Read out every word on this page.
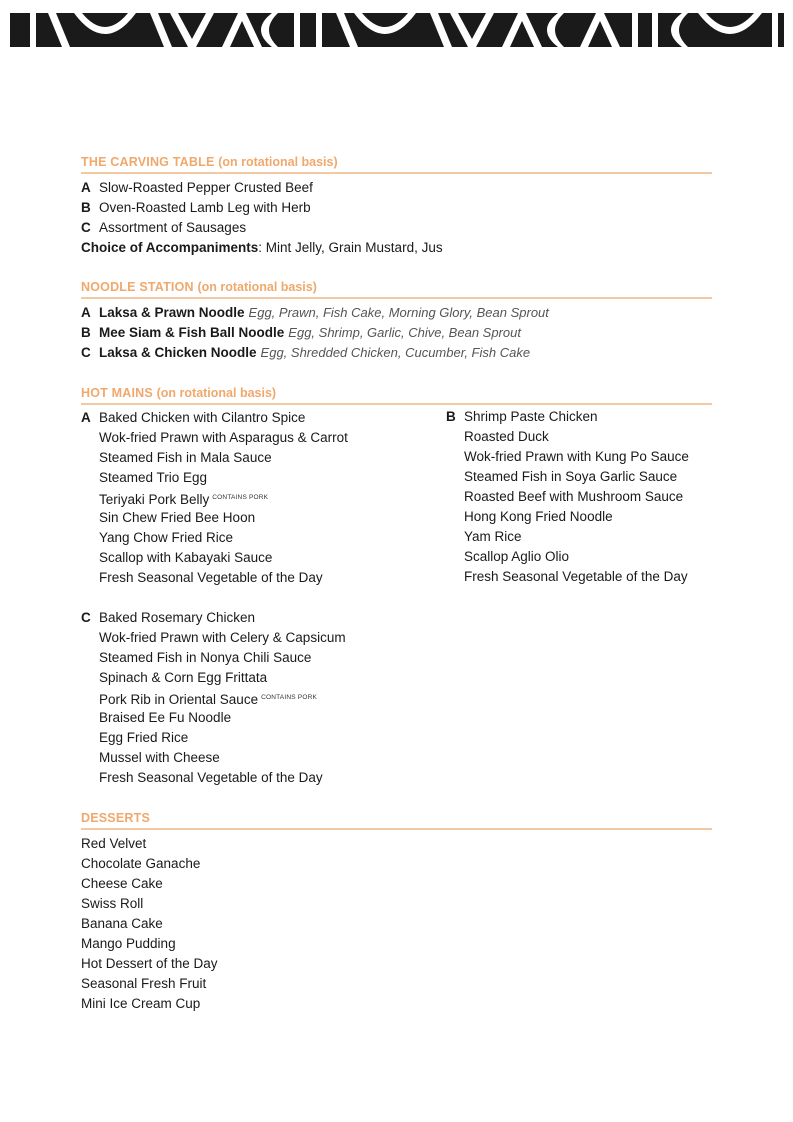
THE CARVING TABLE (on rotational basis)
A Slow-Roasted Pepper Crusted Beef
B Oven-Roasted Lamb Leg with Herb
C Assortment of Sausages
Choice of Accompaniments: Mint Jelly, Grain Mustard, Jus
NOODLE STATION (on rotational basis)
A Laksa & Prawn Noodle Egg, Prawn, Fish Cake, Morning Glory, Bean Sprout
B Mee Siam & Fish Ball Noodle Egg, Shrimp, Garlic, Chive, Bean Sprout
C Laksa & Chicken Noodle Egg, Shredded Chicken, Cucumber, Fish Cake
HOT MAINS (on rotational basis)
A Baked Chicken with Cilantro Spice
Wok-fried Prawn with Asparagus & Carrot
Steamed Fish in Mala Sauce
Steamed Trio Egg
Teriyaki Pork Belly $^{CONTAINS PORK}$
Sin Chew Fried Bee Hoon
Yang Chow Fried Rice
Scallop with Kabayaki Sauce
Fresh Seasonal Vegetable of the Day
B Shrimp Paste Chicken
Roasted Duck
Wok-fried Prawn with Kung Po Sauce
Steamed Fish in Soya Garlic Sauce
Roasted Beef with Mushroom Sauce
Hong Kong Fried Noodle
Yam Rice
Scallop Aglio Olio
Fresh Seasonal Vegetable of the Day
C Baked Rosemary Chicken
Wok-fried Prawn with Celery & Capsicum
Steamed Fish in Nonya Chili Sauce
Spinach & Corn Egg Frittata
Pork Rib in Oriental Sauce $^{CONTAINS PORK}$
Braised Ee Fu Noodle
Egg Fried Rice
Mussel with Cheese
Fresh Seasonal Vegetable of the Day
DESSERTS
Red Velvet
Chocolate Ganache
Cheese Cake
Swiss Roll
Banana Cake
Mango Pudding
Hot Dessert of the Day
Seasonal Fresh Fruit
Mini Ice Cream Cup
